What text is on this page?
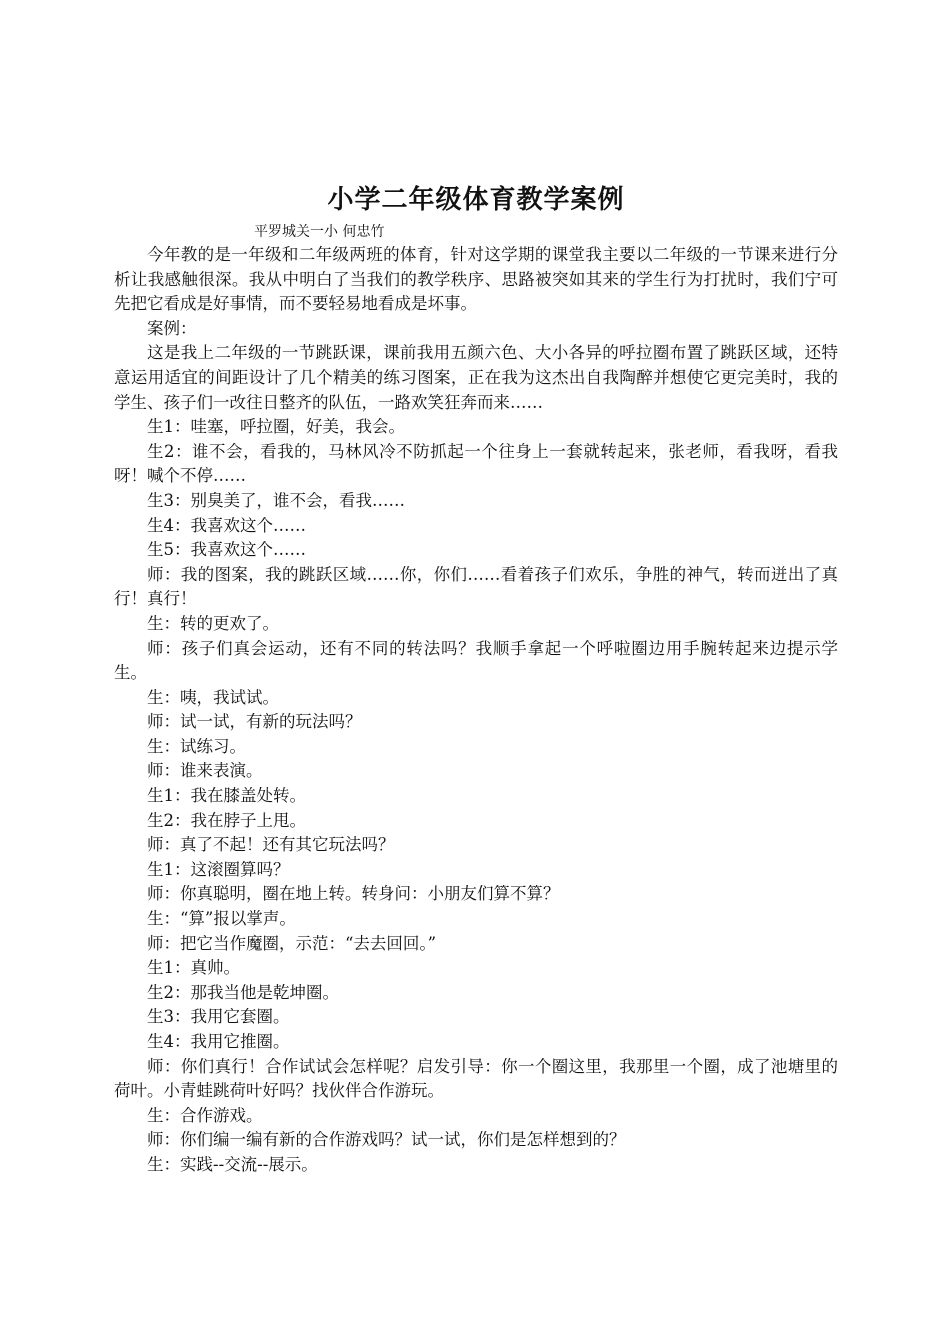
小学二年级体育教学案例
平罗城关一小 何忠竹

今年教的是一年级和二年级两班的体育，针对这学期的课堂我主要以二年级的一节课来进行分析让我感触很深。我从中明白了当我们的教学秩序、思路被突如其来的学生行为打扰时，我们宁可先把它看成是好事情，而不要轻易地看成是坏事。

案例：

这是我上二年级的一节跳跃课，课前我用五颜六色、大小各异的呼拉圈布置了跳跃区域，还特意运用适宜的间距设计了几个精美的练习图案，正在我为这杰出自我陶醉并想使它更完美时，我的学生、孩子们一改往日整齐的队伍，一路欢笑狂奔而来……

生1：哇塞，呼拉圈，好美，我会。

生2：谁不会，看我的，马林风冷不防抓起一个往身上一套就转起来，张老师，看我呀，看我呀！喊个不停……

生3：别臭美了，谁不会，看我……

生4：我喜欢这个……

生5：我喜欢这个……

师：我的图案，我的跳跃区域……你，你们……看着孩子们欢乐，争胜的神气，转而迸出了真行！真行！

生：转的更欢了。

师：孩子们真会运动，还有不同的转法吗？我顺手拿起一个呼啦圈边用手腕转起来边提示学生。

生：咦，我试试。

师：试一试，有新的玩法吗？

生：试练习。

师：谁来表演。

生1：我在膝盖处转。

生2：我在脖子上甩。

师：真了不起！还有其它玩法吗？

生1：这滚圈算吗？

师：你真聪明，圈在地上转。转身问：小朋友们算不算？

生：“算”报以掌声。

师：把它当作魔圈，示范：“去去回回。”

生1：真帅。

生2：那我当他是乾坤圈。

生3：我用它套圈。

生4：我用它推圈。

师：你们真行！合作试试会怎样呢？启发引导：你一个圈这里，我那里一个圈，成了池塘里的荷叶。小青蛙跳荷叶好吗？找伙伴合作游玩。

生：合作游戏。

师：你们编一编有新的合作游戏吗？试一试，你们是怎样想到的？

生：实践--交流--展示。
